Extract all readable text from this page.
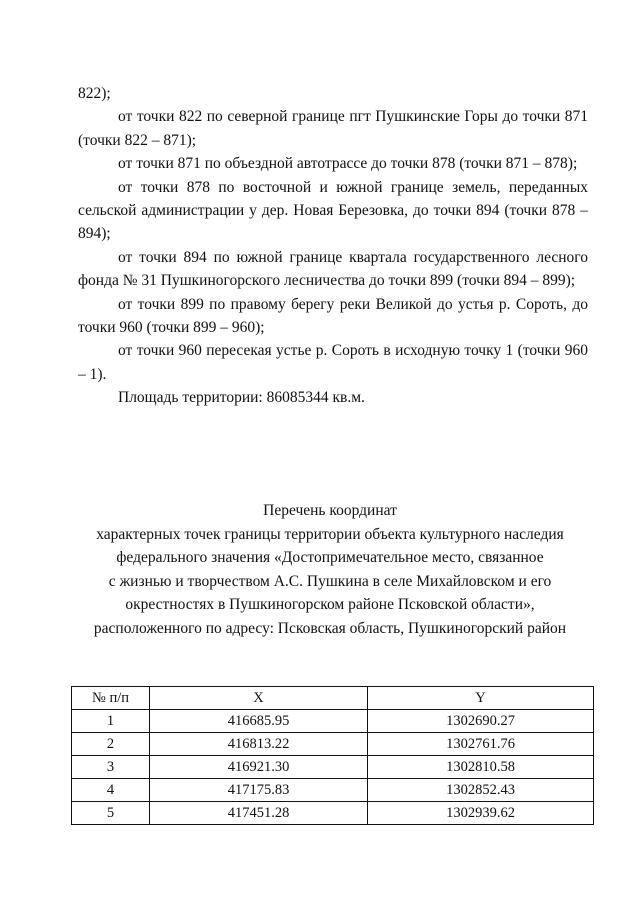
822);

от точки 822 по северной границе пгт Пушкинские Горы до точки 871 (точки 822 – 871);

от точки 871 по объездной автотрассе до точки 878 (точки 871 – 878);

от точки 878 по восточной и южной границе земель, переданных сельской администрации у дер. Новая Березовка, до точки 894 (точки 878 – 894);

от точки 894 по южной границе квартала государственного лесного фонда № 31 Пушкиногорского лесничества до точки 899 (точки 894 – 899);

от точки 899 по правому берегу реки Великой до устья р. Сороть, до точки 960 (точки 899 – 960);

от точки 960 пересекая устье р. Сороть в исходную точку 1 (точки 960 – 1).

Площадь территории: 86085344 кв.м.

Перечень координат
характерных точек границы территории объекта культурного наследия
федерального значения «Достопримечательное место, связанное
с жизнью и творчеством А.С. Пушкина в селе Михайловском и его
окрестностях в Пушкиногорском районе Псковской области»,
расположенного по адресу: Псковская область, Пушкиногорский район
№ п/п	X	Y
1	416685.95	1302690.27
2	416813.22	1302761.76
3	416921.30	1302810.58
4	417175.83	1302852.43
5	417451.28	1302939.62
